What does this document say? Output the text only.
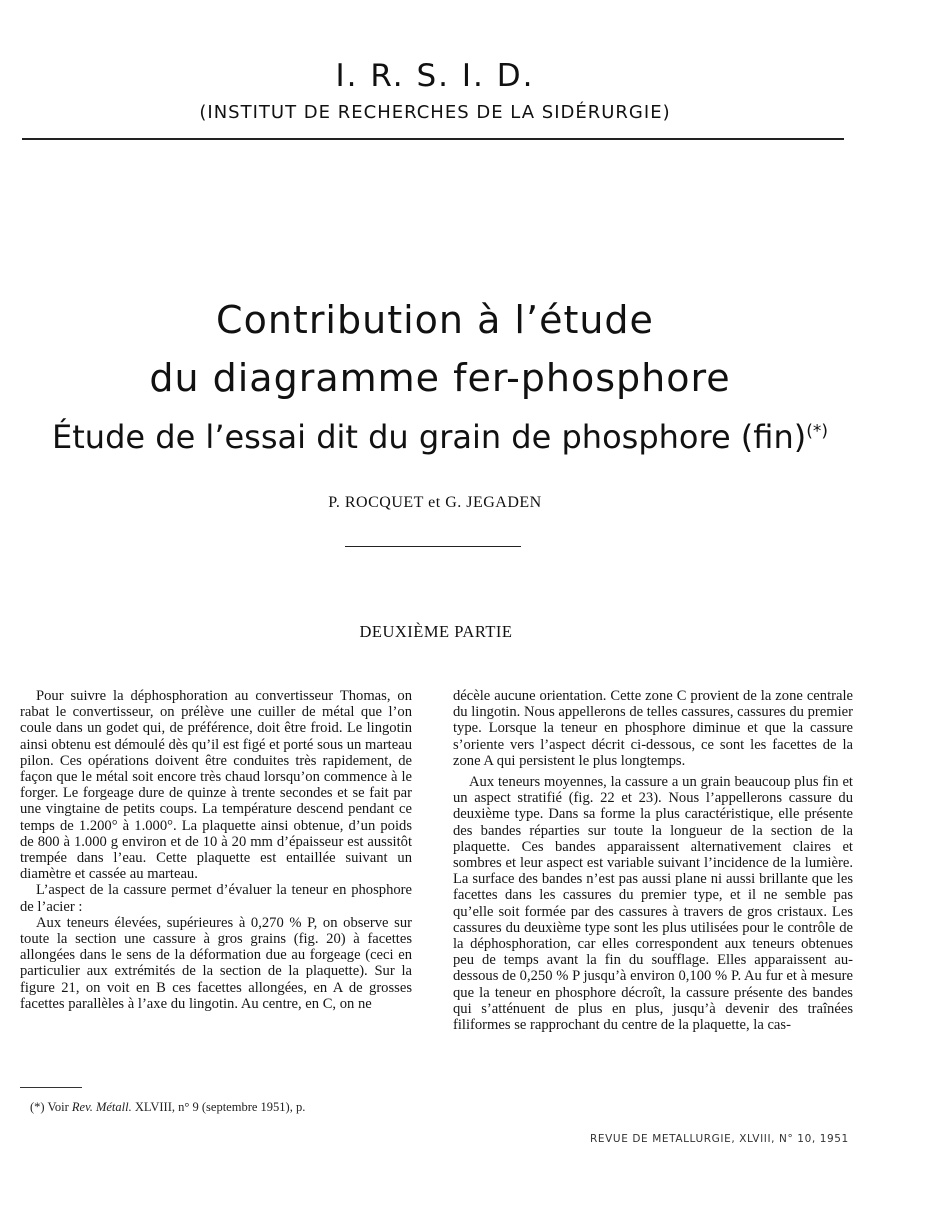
I. R. S. I. D.
(INSTITUT DE RECHERCHES DE LA SIDÉRURGIE)
Contribution à l’étude
du diagramme fer-phosphore
Étude de l’essai dit du grain de phosphore (fin)(*)
P. ROCQUET et G. JEGADEN
DEUXIÈME PARTIE

Pour suivre la déphosphoration au convertisseur Thomas, on rabat le convertisseur, on prélève une cuiller de métal que l’on coule dans un godet qui, de préférence, doit être froid. Le lingotin ainsi obtenu est démoulé dès qu’il est figé et porté sous un marteau pilon. Ces opérations doivent être conduites très rapidement, de façon que le métal soit encore très chaud lorsqu’on commence à le forger. Le forgeage dure de quinze à trente secondes et se fait par une vingtaine de petits coups. La température descend pendant ce temps de 1.200° à 1.000°. La plaquette ainsi obtenue, d’un poids de 800 à 1.000 g environ et de 10 à 20 mm d’épaisseur est aussitôt trempée dans l’eau. Cette plaquette est entaillée suivant un diamètre et cassée au marteau.

L’aspect de la cassure permet d’évaluer la teneur en phosphore de l’acier :

Aux teneurs élevées, supérieures à 0,270 % P, on observe sur toute la section une cassure à gros grains (fig. 20) à facettes allongées dans le sens de la déformation due au forgeage (ceci en particulier aux extrémités de la section de la plaquette). Sur la figure 21, on voit en B ces facettes allongées, en A de grosses facettes parallèles à l’axe du lingotin. Au centre, en C, on ne

décèle aucune orientation. Cette zone C provient de la zone centrale du lingotin. Nous appellerons de telles cassures, cassures du premier type. Lorsque la teneur en phosphore diminue et que la cassure s’oriente vers l’aspect décrit ci-dessous, ce sont les facettes de la zone A qui persistent le plus longtemps.

Aux teneurs moyennes, la cassure a un grain beaucoup plus fin et un aspect stratifié (fig. 22 et 23). Nous l’appellerons cassure du deuxième type. Dans sa forme la plus caractéristique, elle présente des bandes réparties sur toute la longueur de la section de la plaquette. Ces bandes apparaissent alternativement claires et sombres et leur aspect est variable suivant l’incidence de la lumière. La surface des bandes n’est pas aussi plane ni aussi brillante que les facettes dans les cassures du premier type, et il ne semble pas qu’elle soit formée par des cassures à travers de gros cristaux. Les cassures du deuxième type sont les plus utilisées pour le contrôle de la déphosphoration, car elles correspondent aux teneurs obtenues peu de temps avant la fin du soufflage. Elles apparaissent au-dessous de 0,250 % P jusqu’à environ 0,100 % P. Au fur et à mesure que la teneur en phosphore décroît, la cassure présente des bandes qui s’atténuent de plus en plus, jusqu’à devenir des traînées filiformes se rapprochant du centre de la plaquette, la cas-

(*) Voir Rev. Métall. XLVIII, n° 9 (septembre 1951), p.
REVUE DE METALLURGIE, XLVIII, N° 10, 1951
